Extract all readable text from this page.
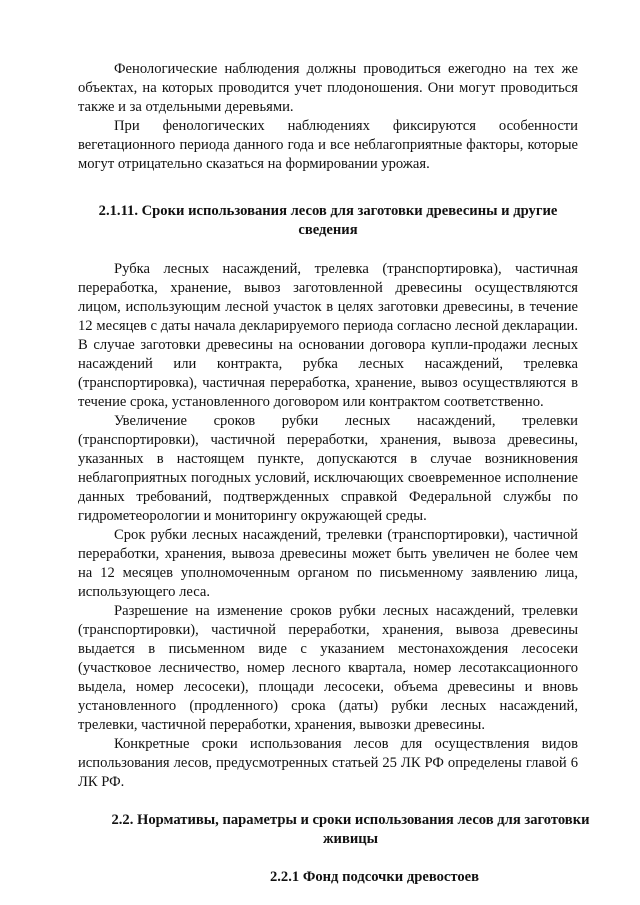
Фенологические наблюдения должны проводиться ежегодно на тех же объектах, на которых проводится учет плодоношения. Они могут проводиться также и за отдельными деревьями.

При фенологических наблюдениях фиксируются особенности вегетационного периода данного года и все неблагоприятные факторы, которые могут отрицательно сказаться на формировании урожая.

2.1.11. Сроки использования лесов для заготовки древесины и другие сведения

Рубка лесных насаждений, трелевка (транспортировка), частичная переработка, хранение, вывоз заготовленной древесины осуществляются лицом, использующим лесной участок в целях заготовки древесины, в течение 12 месяцев с даты начала декларируемого периода согласно лесной декларации. В случае заготовки древесины на основании договора купли-продажи лесных насаждений или контракта, рубка лесных насаждений, трелевка (транспортировка), частичная переработка, хранение, вывоз осуществляются в течение срока, установленного договором или контрактом соответственно.

Увеличение сроков рубки лесных насаждений, трелевки (транспортировки), частичной переработки, хранения, вывоза древесины, указанных в настоящем пункте, допускаются в случае возникновения неблагоприятных погодных условий, исключающих своевременное исполнение данных требований, подтвержденных справкой Федеральной службы по гидрометеорологии и мониторингу окружающей среды.

Срок рубки лесных насаждений, трелевки (транспортировки), частичной переработки, хранения, вывоза древесины может быть увеличен не более чем на 12 месяцев уполномоченным органом по письменному заявлению лица, использующего леса.

Разрешение на изменение сроков рубки лесных насаждений, трелевки (транспортировки), частичной переработки, хранения, вывоза древесины выдается в письменном виде с указанием местонахождения лесосеки (участковое лесничество, номер лесного квартала, номер лесотаксационного выдела, номер лесосеки), площади лесосеки, объема древесины и вновь установленного (продленного) срока (даты) рубки лесных насаждений, трелевки, частичной переработки, хранения, вывозки древесины.

Конкретные сроки использования лесов для осуществления видов использования лесов, предусмотренных статьей 25 ЛК РФ определены главой 6 ЛК РФ.

2.2. Нормативы, параметры и сроки использования лесов для заготовки живицы
2.2.1 Фонд подсочки древостоев
